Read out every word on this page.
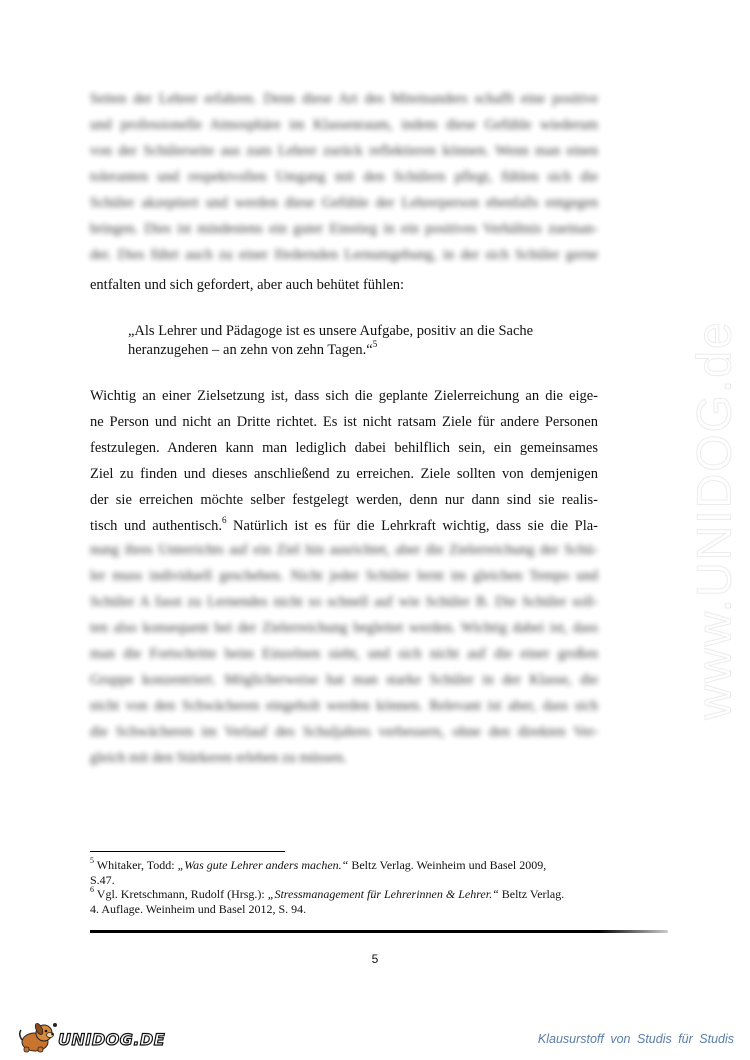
www.UNIDOG.de
Seiten der Lehrer erfahren. Denn diese Art des Miteinanders schafft eine positive
und professionelle Atmosphäre im Klassenraum, indem diese Gefühle wiederum
von der Schülerseite aus zum Lehrer zurück reflektieren können. Wenn man einen
toleranten und respektvollen Umgang mit den Schülern pflegt, fühlen sich die
Schüler akzeptiert und werden diese Gefühle der Lehrerperson ebenfalls entgegen
bringen. Dies ist mindestens ein guter Einstieg in ein positives Verhältnis zueinan-
der. Dies führt auch zu einer fördernden Lernumgebung, in der sich Schüler gerne
entfalten und sich gefordert, aber auch behütet fühlen:
„Als Lehrer und Pädagoge ist es unsere Aufgabe, positiv an die Sache
heranzugehen – an zehn von zehn Tagen.“$^5$
Wichtig an einer Zielsetzung ist, dass sich die geplante Zielerreichung an die eige-
ne Person und nicht an Dritte richtet. Es ist nicht ratsam Ziele für andere Personen
festzulegen. Anderen kann man lediglich dabei behilflich sein, ein gemeinsames
Ziel zu finden und dieses anschließend zu erreichen. Ziele sollten von demjenigen
der sie erreichen möchte selber festgelegt werden, denn nur dann sind sie realis-
tisch und authentisch.$^6$ Natürlich ist es für die Lehrkraft wichtig, dass sie die Pla-
nung ihres Unterrichts auf ein Ziel hin ausrichtet, aber die Zielerreichung der Schü-
ler muss individuell geschehen. Nicht jeder Schüler lernt im gleichen Tempo und
Schüler A fasst zu Lernendes nicht so schnell auf wie Schüler B. Die Schüler soll-
ten also konsequent bei der Zielerreichung begleitet werden. Wichtig dabei ist, dass
man die Fortschritte beim Einzelnen sieht, und sich nicht auf die einer großen
Gruppe konzentriert. Möglicherweise hat man starke Schüler in der Klasse, die
nicht von den Schwächeren eingeholt werden können. Relevant ist aber, dass sich
die Schwächeren im Verlauf des Schuljahres verbessern, ohne den direkten Ver-
gleich mit den Stärkeren erleben zu müssen.
$^5$ Whitaker, Todd: „Was gute Lehrer anders machen.“ Beltz Verlag. Weinheim und Basel 2009,
S.47.
$^6$ Vgl. Kretschmann, Rudolf (Hrsg.): „Stressmanagement für Lehrerinnen & Lehrer.“ Beltz Verlag.
4. Auflage. Weinheim und Basel 2012, S. 94.
5
UNIDOG.DE	Klausurstoff von Studis für Studis
